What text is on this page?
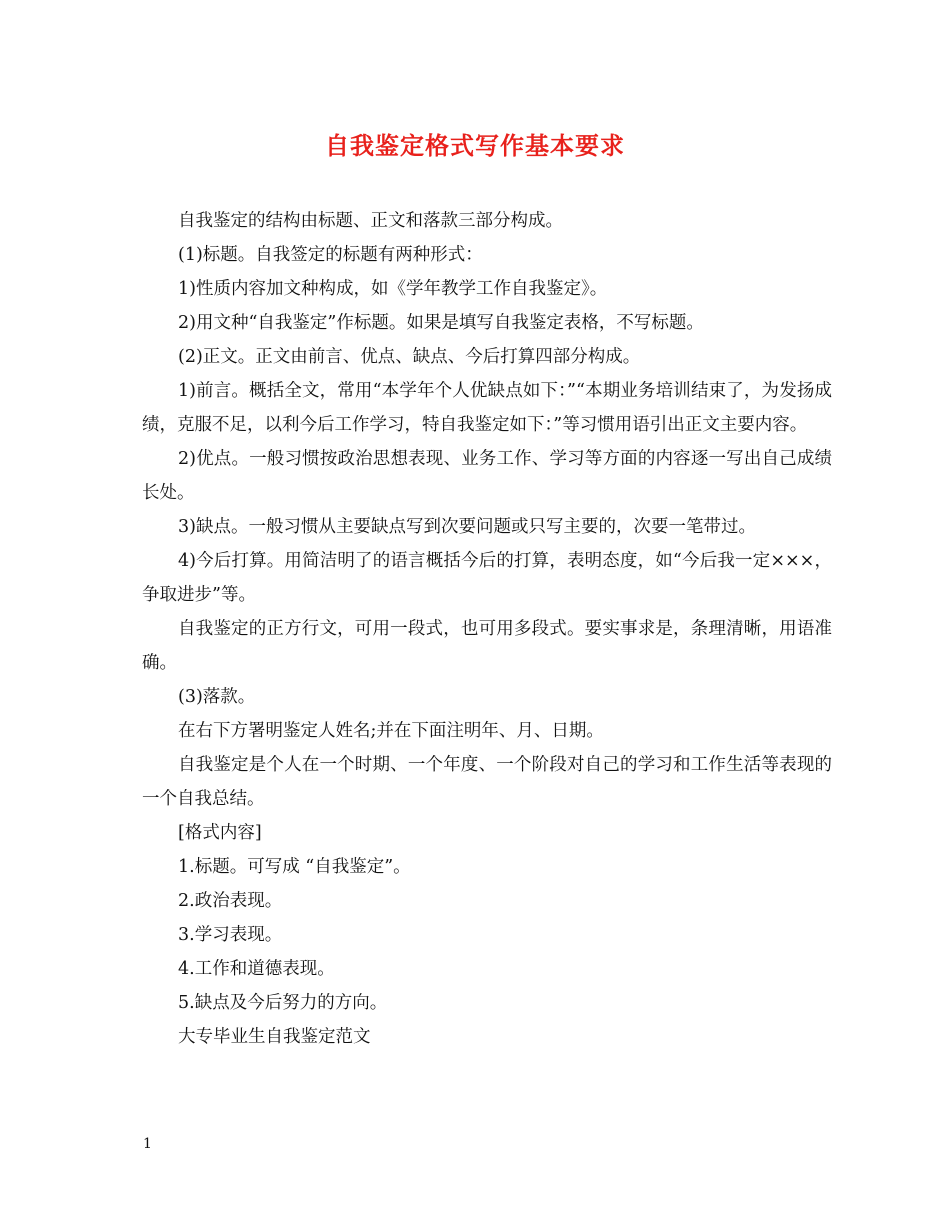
自我鉴定格式写作基本要求

自我鉴定的结构由标题、正文和落款三部分构成。

(1)标题。自我签定的标题有两种形式：

1)性质内容加文种构成，如《学年教学工作自我鉴定》。

2)用文种“自我鉴定”作标题。如果是填写自我鉴定表格，不写标题。

(2)正文。正文由前言、优点、缺点、今后打算四部分构成。

1)前言。概括全文，常用“本学年个人优缺点如下：”“本期业务培训结束了，为发扬成绩，克服不足，以利今后工作学习，特自我鉴定如下：”等习惯用语引出正文主要内容。

2)优点。一般习惯按政治思想表现、业务工作、学习等方面的内容逐一写出自己成绩长处。

3)缺点。一般习惯从主要缺点写到次要问题或只写主要的，次要一笔带过。

4)今后打算。用简洁明了的语言概括今后的打算，表明态度，如“今后我一定×××，争取进步”等。

自我鉴定的正方行文，可用一段式，也可用多段式。要实事求是，条理清晰，用语准确。

(3)落款。

在右下方署明鉴定人姓名;并在下面注明年、月、日期。

自我鉴定是个人在一个时期、一个年度、一个阶段对自己的学习和工作生活等表现的一个自我总结。

[格式内容]

1.标题。可写成 “自我鉴定”。

2.政治表现。

3.学习表现。

4.工作和道德表现。

5.缺点及今后努力的方向。

大专毕业生自我鉴定范文

1
